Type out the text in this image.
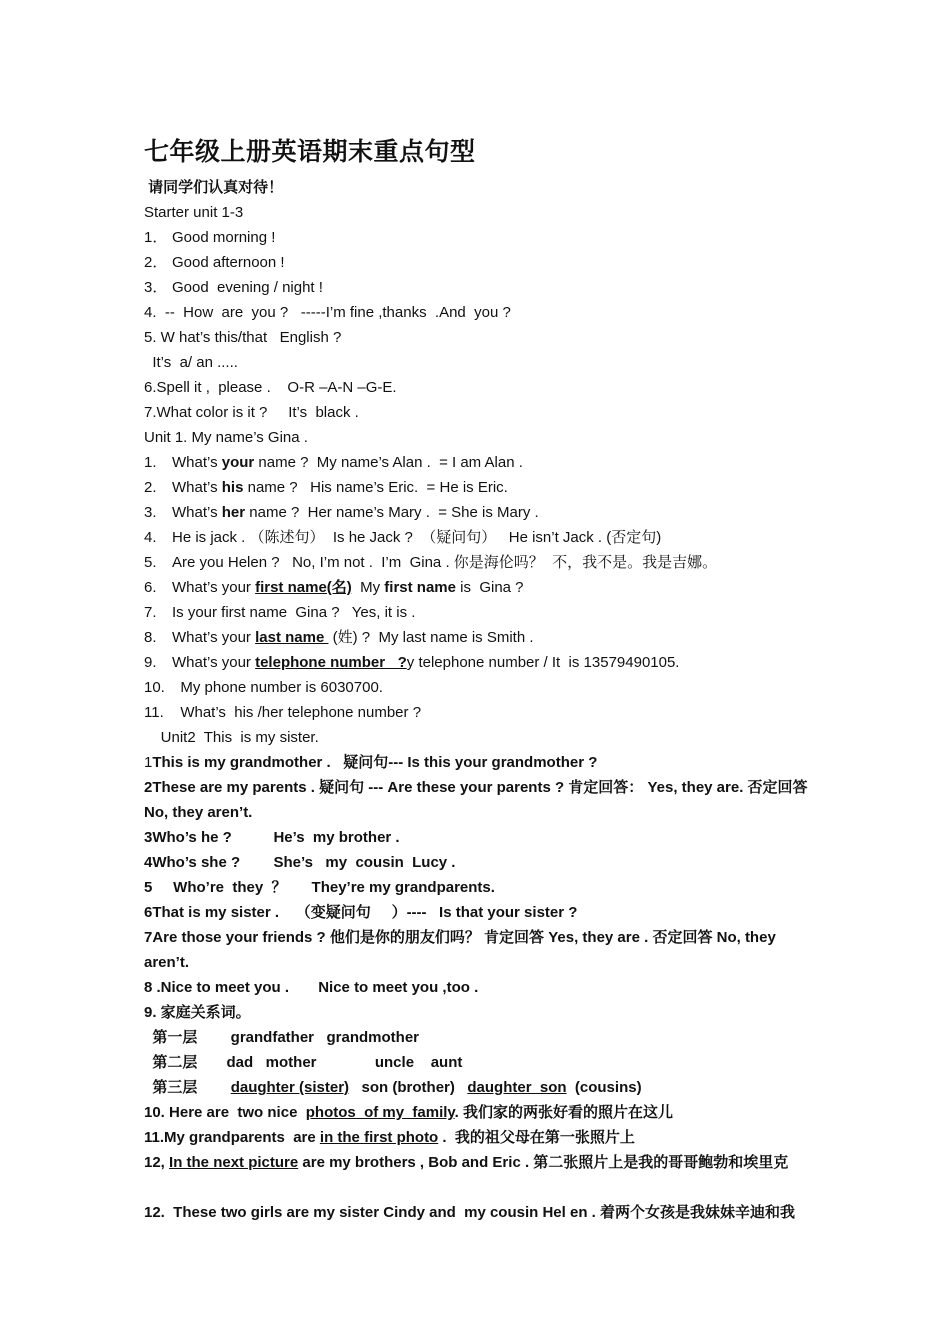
七年级上册英语期末重点句型
请同学们认真对待！
Starter unit 1-3
1． Good morning !
2． Good afternoon !
3． Good  evening / night !
4.  --  How  are  you ?   -----I’m fine ,thanks  .And  you ?
5. W hat’s this/that   English ?
It’s  a/ an .....
6.Spell it ,  please .    O-R –A-N –G-E.
7.What color is it ?     It’s  black .
Unit 1. My name’s Gina .
1. What’s your name ?  My name’s Alan .  = I am Alan .
2. What’s his name ?   His name’s Eric.  = He is Eric.
3. What’s her name ?  Her name’s Mary .  = She is Mary .
4. He is jack . （陈述句）  Is he Jack ?  （疑问句）   He isn’t Jack . (否定句)
5. Are you Helen ?   No, I’m not .  I’m  Gina . 你是海伦吗？  不，我不是。我是吉娜。
6. What’s your first name(名)  My first name is  Gina ?
7. Is your first name  Gina ?   Yes, it is .
8. What’s your last name  (姓) ?  My last name is Smith .
9. What’s your telephone number   ?y telephone number / It  is 13579490105.
10.  My phone number is 6030700.
11.  What’s  his /her telephone number ?
Unit2  This  is my sister.
1This is my grandmother .   疑问句--- Is this your grandmother ?
2These are my parents . 疑问句 --- Are these your parents ? 肯定回答： Yes, they are. 否定回答 No, they aren’t.
3Who’s he ?          He’s  my brother .
4Who’s she ?        She’s   my  cousin  Lucy .
5     Who’re  they  ？      They’re my grandparents.
6That is my sister .    （变疑问句     ）----   Is that your sister ?
7Are those your friends ? 他们是你的朋友们吗？ 肯定回答 Yes, they are . 否定回答 No, they aren’t.
8 .Nice to meet you .       Nice to meet you ,too .
9. 家庭关系词。
第一层        grandfather   grandmother
第二层       dad   mother              uncle    aunt
第三层        daughter (sister)   son (brother)   daughter  son  (cousins)
10. Here are  two nice  photos  of my  family. 我们家的两张好看的照片在这儿
11.My grandparents  are in the first photo .  我的祖父母在第一张照片上
12, In the next picture are my brothers , Bob and Eric . 第二张照片上是我的哥哥鲍勃和埃里克
12.  These two girls are my sister Cindy and  my cousin Hel en . 着两个女孩是我妹妹辛迪和我
